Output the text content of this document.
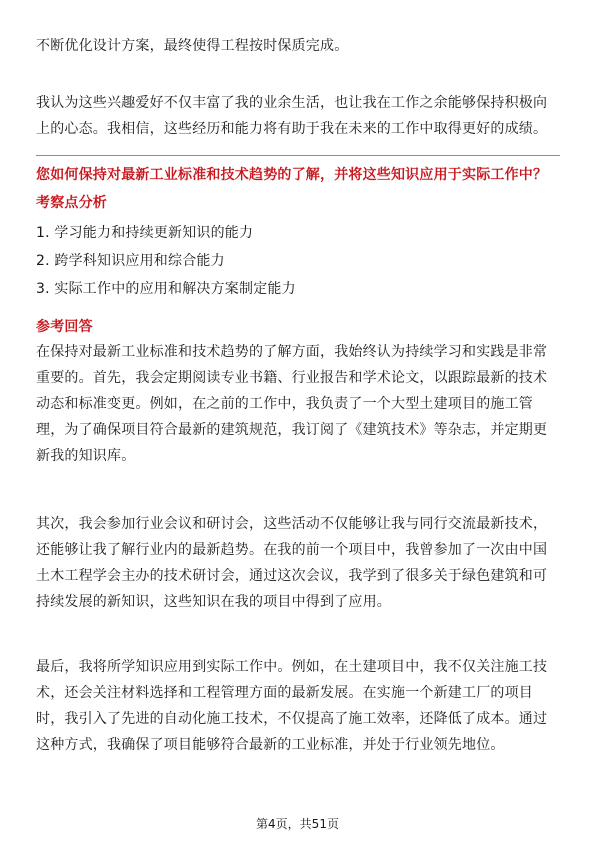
不断优化设计方案，最终使得工程按时保质完成。
我认为这些兴趣爱好不仅丰富了我的业余生活，也让我在工作之余能够保持积极向
上的心态。我相信，这些经历和能力将有助于我在未来的工作中取得更好的成绩。
您如何保持对最新工业标准和技术趋势的了解，并将这些知识应用于实际工作中？
考察点分析
1. 学习能力和持续更新知识的能力
2. 跨学科知识应用和综合能力
3. 实际工作中的应用和解决方案制定能力
参考回答
在保持对最新工业标准和技术趋势的了解方面，我始终认为持续学习和实践是非常
重要的。首先，我会定期阅读专业书籍、行业报告和学术论文，以跟踪最新的技术
动态和标准变更。例如，在之前的工作中，我负责了一个大型土建项目的施工管
理，为了确保项目符合最新的建筑规范，我订阅了《建筑技术》等杂志，并定期更
新我的知识库。
其次，我会参加行业会议和研讨会，这些活动不仅能够让我与同行交流最新技术，
还能够让我了解行业内的最新趋势。在我的前一个项目中，我曾参加了一次由中国
土木工程学会主办的技术研讨会，通过这次会议，我学到了很多关于绿色建筑和可
持续发展的新知识，这些知识在我的项目中得到了应用。
最后，我将所学知识应用到实际工作中。例如，在土建项目中，我不仅关注施工技
术，还会关注材料选择和工程管理方面的最新发展。在实施一个新建工厂的项目
时，我引入了先进的自动化施工技术，不仅提高了施工效率，还降低了成本。通过
这种方式，我确保了项目能够符合最新的工业标准，并处于行业领先地位。
第4页，共51页
